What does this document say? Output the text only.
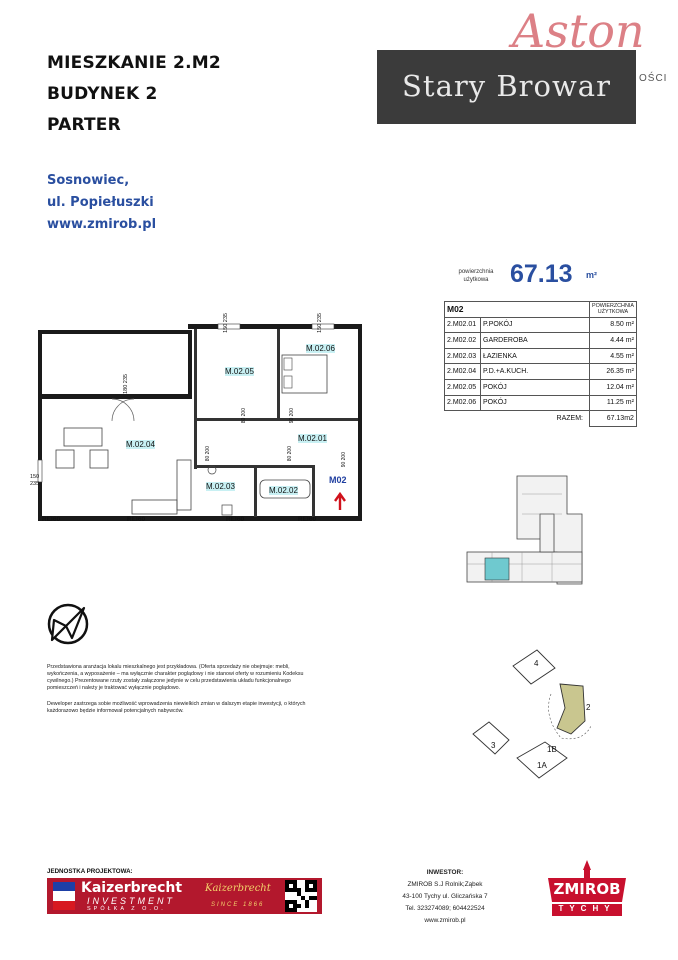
MIESZKANIE 2.M2
BUDYNEK 2
PARTER
Sosnowiec,
ul. Popiełuszki
www.zmirob.pl
Stary Browar
Aston
OŚCI
powierzchnia
użytkowa 67.13 m²
M02		POWIERZCHNIA
UŻYTKOWA

2.M02.01	P.POKÓJ	8.50 m²
2.M02.02	GARDEROBA	4.44 m²
2.M02.03	ŁAZIENKA	4.55 m²
2.M02.04	P.D.+A.KUCH.	26.35 m²
2.M02.05	POKÓJ	12.04 m²
2.M02.06	POKÓJ	11.25 m²
	RAZEM:	67.13m2
M.02.05
M.02.06
M.02.04
M.02.01
M.02.03	M.02.02
M02
REI60	REI60	REI60	REI60
150 235
150 235
180 235
150
235
80 200
90 200
80 200
80 200
90 200
4
2
3	1B
1A
Przedstawiona aranżacja lokalu mieszkalnego jest przykładowa. (Oferta sprzedaży nie obejmuje: mebli, wykończenia, a wyposażenie – ma wyłącznie charakter poglądowy i nie stanowi oferty w rozumieniu Kodeksu cywilnego.) Prezentowane rzuty zostały załączone jedynie w celu przedstawienia układu funkcjonalnego pomieszczeń i należy je traktować wyłącznie poglądowo.
Deweloper zastrzega sobie możliwość wprowadzenia niewielkich zmian w dalszym etapie inwestycji, o których każdorazowo będzie informował potencjalnych nabywców.
JEDNOSTKA PROJEKTOWA:
Kaizerbrecht
INVESTMENT
SPÓŁKA Z O.O.
Kaizerbrecht
SINCE 1866
INWESTOR:
ZMIROB S.J Rolnik;Ząbek
43-100 Tychy ul. Gliczańska 7
Tel. 323274089; 604422524
www.zmirob.pl
ZMIROB
TYCHY
